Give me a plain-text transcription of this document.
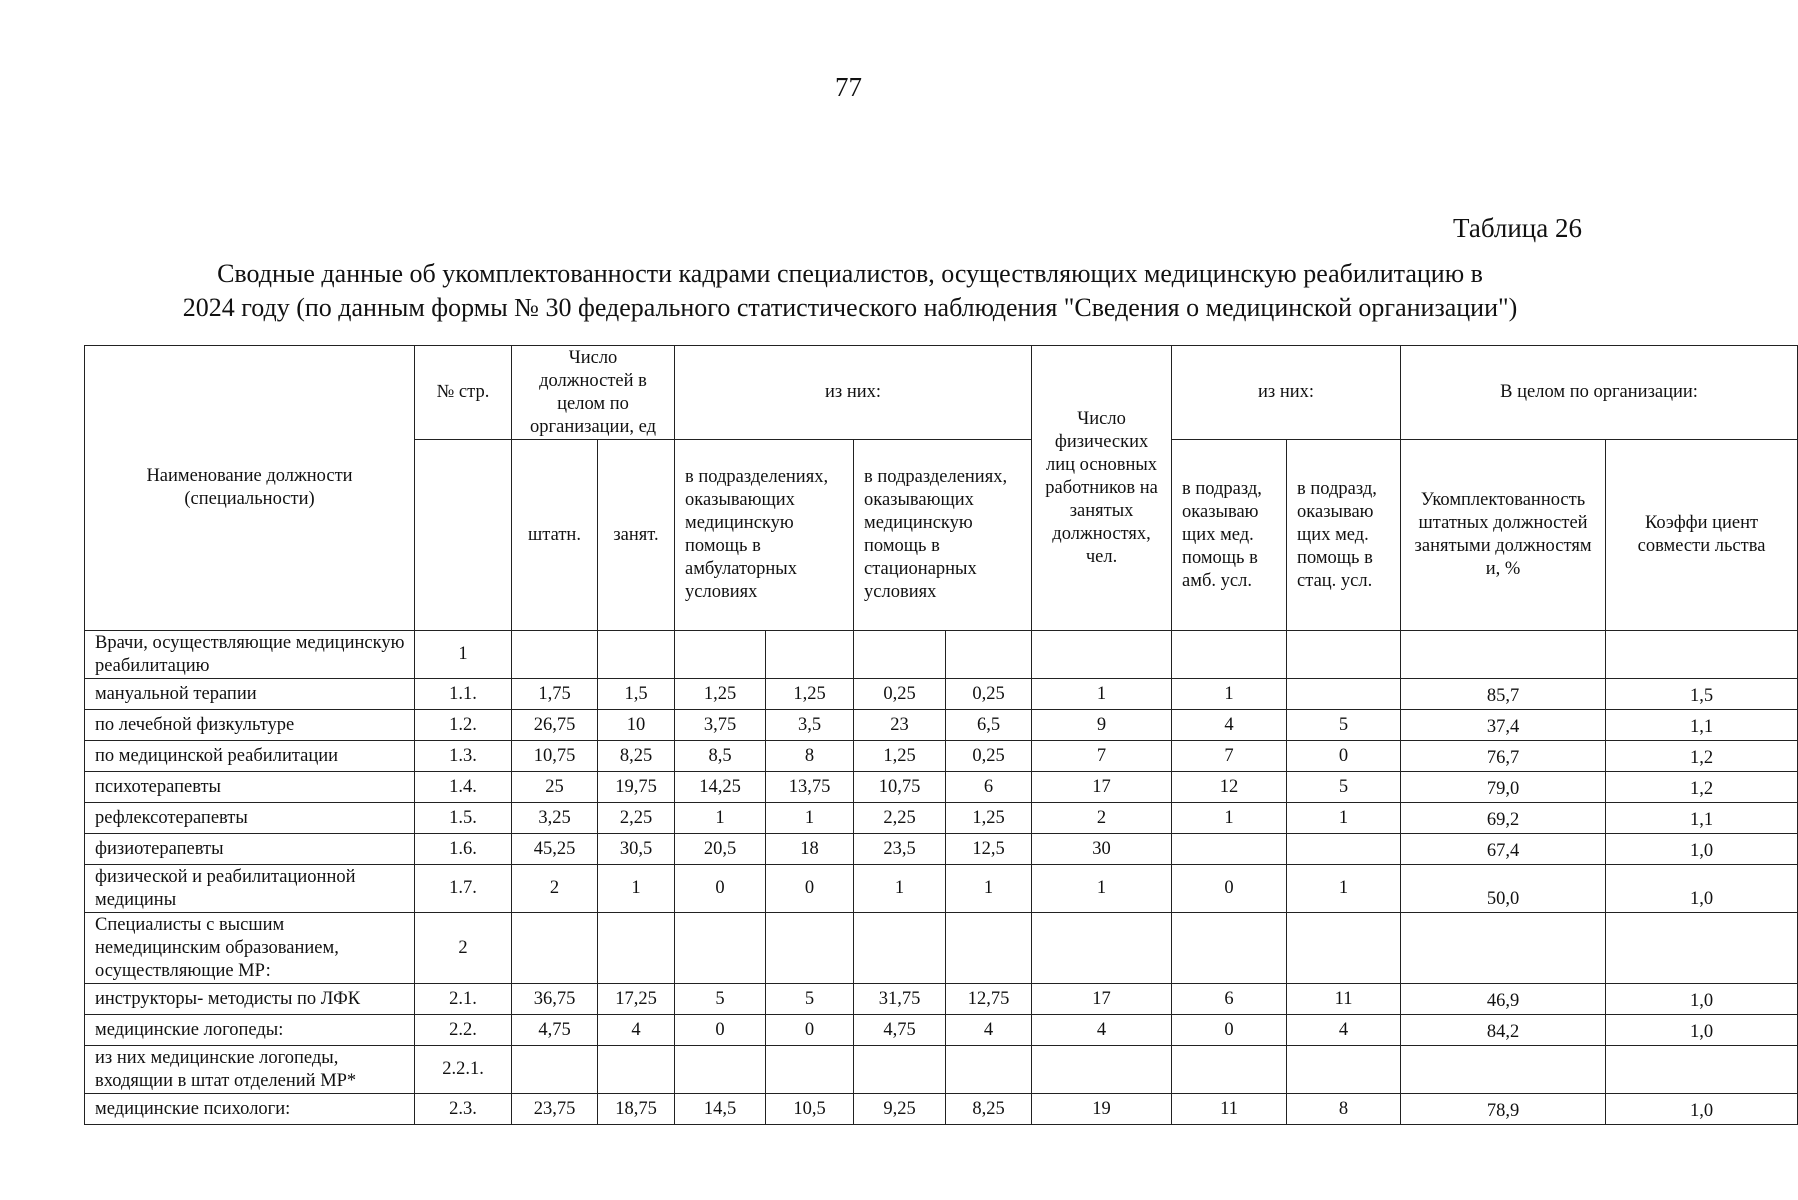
77
Таблица 26
Сводные данные об укомплектованности кадрами специалистов, осуществляющих медицинскую реабилитацию в
2024 году (по данным формы № 30 федерального статистического наблюдения "Сведения о медицинской организации")
Наименование должности (специальности)	№ стр.	Число должностей в целом по организации, ед		из них:				Число физических лиц основных работников на занятых должностях, чел.	из них:		В целом по организации:	
		штатн.	занят.	в подразделениях, оказывающих медицинскую помощь в амбулаторных условиях		в подразделениях, оказывающих медицинскую помощь в стационарных условиях			в подразд, оказываю щих мед. помощь в амб. усл.	в подразд, оказываю щих мед. помощь в стац. усл.	Укомплектованность штатных должностей занятыми должностям и, %	Коэффи циент совмести льства
Врачи, осуществляющие медицинскую реабилитацию	1											
мануальной терапии	1.1.	1,75	1,5	1,25	1,25	0,25	0,25	1	1		85,7	1,5
по лечебной физкультуре	1.2.	26,75	10	3,75	3,5	23	6,5	9	4	5	37,4	1,1
по медицинской реабилитации	1.3.	10,75	8,25	8,5	8	1,25	0,25	7	7	0	76,7	1,2
психотерапевты	1.4.	25	19,75	14,25	13,75	10,75	6	17	12	5	79,0	1,2
рефлексотерапевты	1.5.	3,25	2,25	1	1	2,25	1,25	2	1	1	69,2	1,1
физиотерапевты	1.6.	45,25	30,5	20,5	18	23,5	12,5	30			67,4	1,0
физической и реабилитационной медицины	1.7.	2	1	0	0	1	1	1	0	1	50,0	1,0
Специалисты с высшим немедицинским образованием, осуществляющие МР:	2											
инструкторы- методисты по ЛФК	2.1.	36,75	17,25	5	5	31,75	12,75	17	6	11	46,9	1,0
медицинские логопеды:	2.2.	4,75	4	0	0	4,75	4	4	0	4	84,2	1,0
из них медицинские логопеды, входящии в штат отделений МР*	2.2.1.											
медицинские психологи:	2.3.	23,75	18,75	14,5	10,5	9,25	8,25	19	11	8	78,9	1,0
